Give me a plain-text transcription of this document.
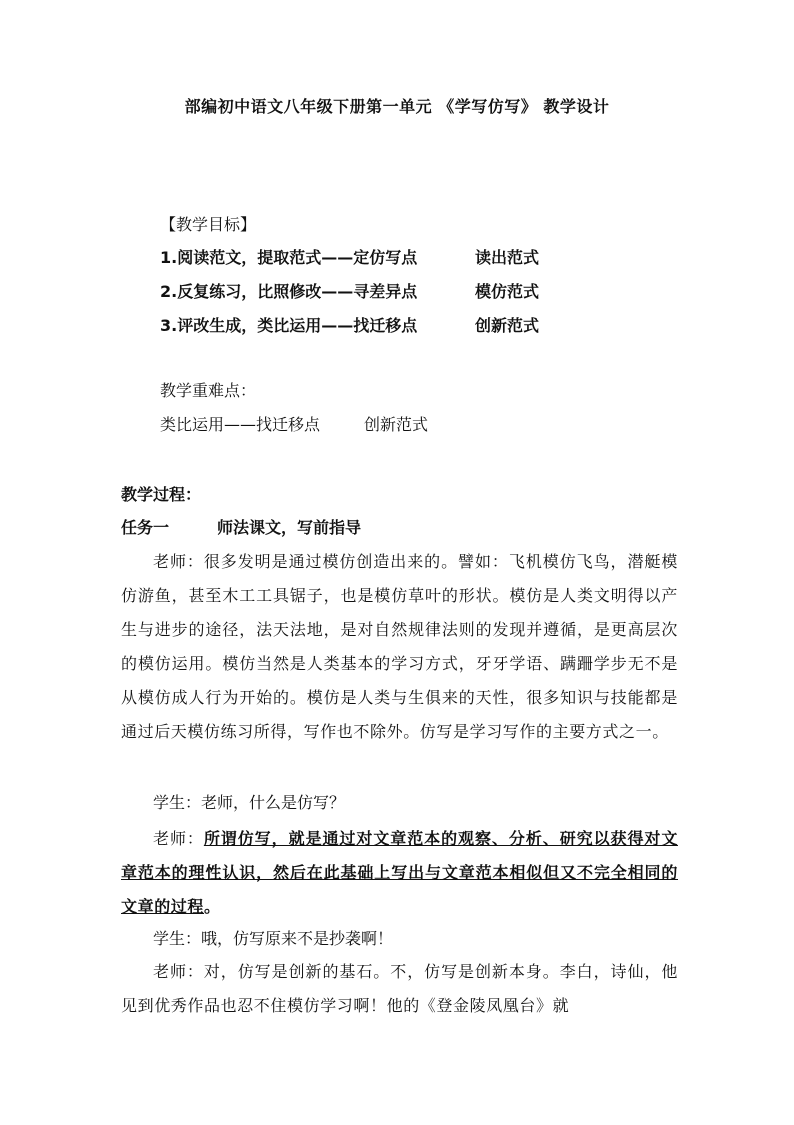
部编初中语文八年级下册第一单元 《学写仿写》 教学设计
【教学目标】
1.阅读范文，提取范式——定仿写点	读出范式
2.反复练习，比照修改——寻差异点	模仿范式
3.评改生成，类比运用——找迁移点	创新范式
教学重难点：
类比运用——找迁移点	创新范式
教学过程：
任务一	师法课文，写前指导
老师：很多发明是通过模仿创造出来的。譬如：飞机模仿飞鸟，潜艇模仿游鱼，甚至木工工具锯子，也是模仿草叶的形状。模仿是人类文明得以产生与进步的途径，法天法地，是对自然规律法则的发现并遵循，是更高层次的模仿运用。模仿当然是人类基本的学习方式，牙牙学语、蹒跚学步无不是从模仿成人行为开始的。模仿是人类与生俱来的天性，很多知识与技能都是通过后天模仿练习所得，写作也不除外。仿写是学习写作的主要方式之一。
学生：老师，什么是仿写？
老师：所谓仿写，就是通过对文章范本的观察、分析、研究以获得对文章范本的理性认识，然后在此基础上写出与文章范本相似但又不完全相同的文章的过程。
学生：哦，仿写原来不是抄袭啊！
老师：对，仿写是创新的基石。不，仿写是创新本身。李白，诗仙，他见到优秀作品也忍不住模仿学习啊！他的《登金陵凤凰台》就
